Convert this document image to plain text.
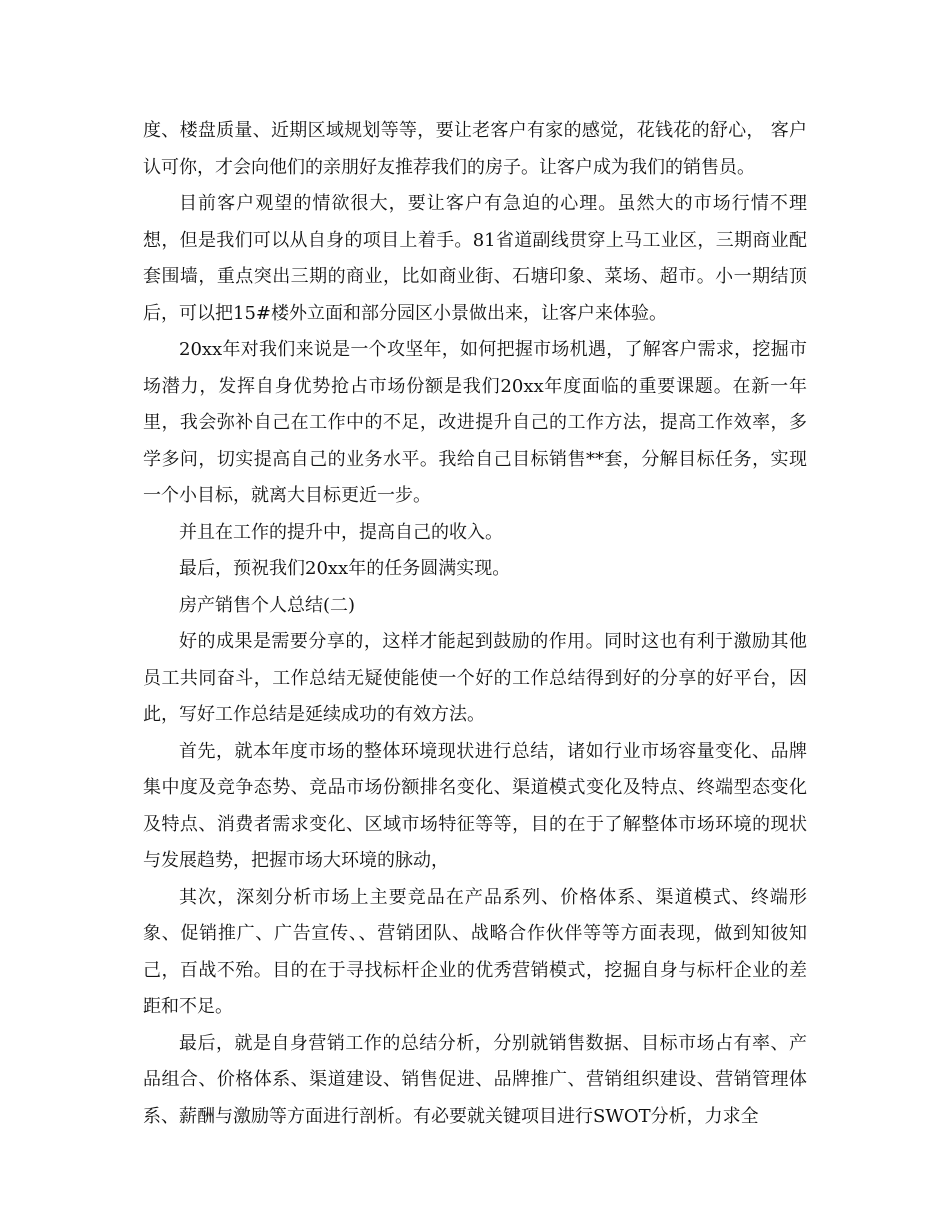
度、楼盘质量、近期区域规划等等，要让老客户有家的感觉，花钱花的舒心， 客户认可你，才会向他们的亲朋好友推荐我们的房子。让客户成为我们的销售员。

目前客户观望的情欲很大，要让客户有急迫的心理。虽然大的市场行情不理想，但是我们可以从自身的项目上着手。81省道副线贯穿上马工业区，三期商业配套围墙，重点突出三期的商业，比如商业街、石塘印象、菜场、超市。小一期结顶后，可以把15#楼外立面和部分园区小景做出来，让客户来体验。

20xx年对我们来说是一个攻坚年，如何把握市场机遇，了解客户需求，挖掘市场潜力，发挥自身优势抢占市场份额是我们20xx年度面临的重要课题。在新一年里，我会弥补自己在工作中的不足，改进提升自己的工作方法，提高工作效率，多学多问，切实提高自己的业务水平。我给自己目标销售**套，分解目标任务，实现一个小目标，就离大目标更近一步。

并且在工作的提升中，提高自己的收入。

最后，预祝我们20xx年的任务圆满实现。

房产销售个人总结(二)

好的成果是需要分享的，这样才能起到鼓励的作用。同时这也有利于激励其他员工共同奋斗，工作总结无疑使能使一个好的工作总结得到好的分享的好平台，因此，写好工作总结是延续成功的有效方法。

首先，就本年度市场的整体环境现状进行总结，诸如行业市场容量变化、品牌集中度及竞争态势、竞品市场份额排名变化、渠道模式变化及特点、终端型态变化及特点、消费者需求变化、区域市场特征等等，目的在于了解整体市场环境的现状与发展趋势，把握市场大环境的脉动，

其次，深刻分析市场上主要竞品在产品系列、价格体系、渠道模式、终端形象、促销推广、广告宣传、、营销团队、战略合作伙伴等等方面表现，做到知彼知己，百战不殆。目的在于寻找标杆企业的优秀营销模式，挖掘自身与标杆企业的差距和不足。

最后，就是自身营销工作的总结分析，分别就销售数据、目标市场占有率、产品组合、价格体系、渠道建设、销售促进、品牌推广、营销组织建设、营销管理体系、薪酬与激励等方面进行剖析。有必要就关键项目进行SWOT分析，力求全
